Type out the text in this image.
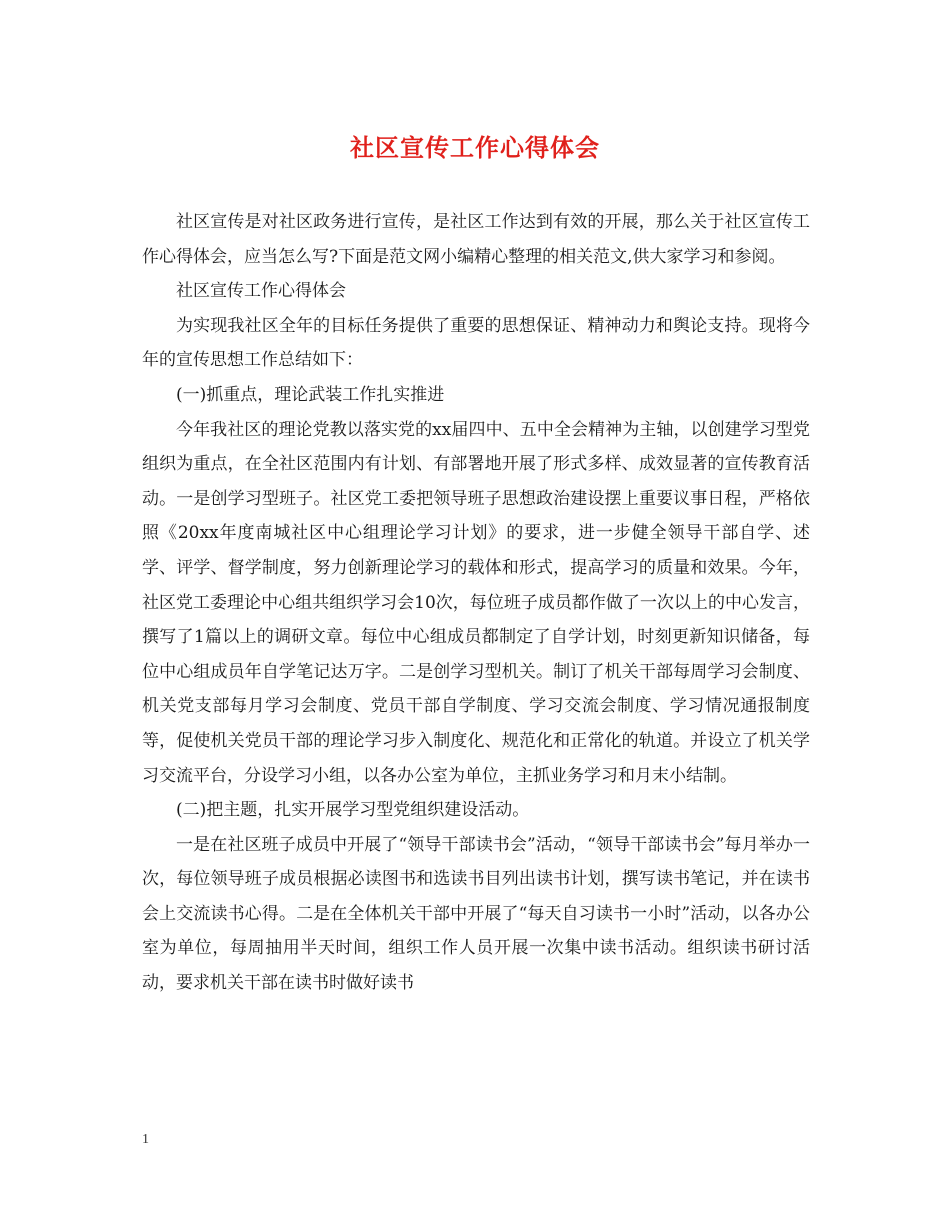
社区宣传工作心得体会

社区宣传是对社区政务进行宣传，是社区工作达到有效的开展，那么关于社区宣传工作心得体会，应当怎么写?下面是范文网小编精心整理的相关范文,供大家学习和参阅。

社区宣传工作心得体会

为实现我社区全年的目标任务提供了重要的思想保证、精神动力和舆论支持。现将今年的宣传思想工作总结如下：

(一)抓重点，理论武装工作扎实推进

今年我社区的理论党教以落实党的xx届四中、五中全会精神为主轴，以创建学习型党组织为重点，在全社区范围内有计划、有部署地开展了形式多样、成效显著的宣传教育活动。一是创学习型班子。社区党工委把领导班子思想政治建设摆上重要议事日程，严格依照《20xx年度南城社区中心组理论学习计划》的要求，进一步健全领导干部自学、述学、评学、督学制度，努力创新理论学习的载体和形式，提高学习的质量和效果。今年，社区党工委理论中心组共组织学习会10次，每位班子成员都作做了一次以上的中心发言，撰写了1篇以上的调研文章。每位中心组成员都制定了自学计划，时刻更新知识储备，每位中心组成员年自学笔记达万字。二是创学习型机关。制订了机关干部每周学习会制度、机关党支部每月学习会制度、党员干部自学制度、学习交流会制度、学习情况通报制度等，促使机关党员干部的理论学习步入制度化、规范化和正常化的轨道。并设立了机关学习交流平台，分设学习小组，以各办公室为单位，主抓业务学习和月末小结制。

(二)把主题，扎实开展学习型党组织建设活动。

一是在社区班子成员中开展了“领导干部读书会”活动，“领导干部读书会”每月举办一次，每位领导班子成员根据必读图书和选读书目列出读书计划，撰写读书笔记，并在读书会上交流读书心得。二是在全体机关干部中开展了“每天自习读书一小时”活动，以各办公室为单位，每周抽用半天时间，组织工作人员开展一次集中读书活动。组织读书研讨活动，要求机关干部在读书时做好读书

1
